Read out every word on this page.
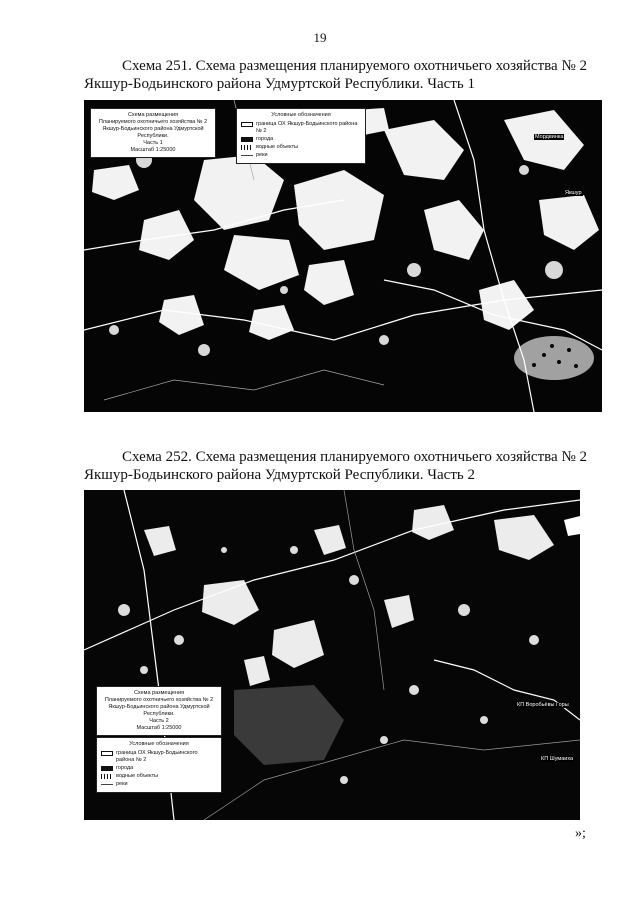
19
Схема 251. Схема размещения планируемого охотничьего хозяйства № 2
Якшур-Бодьинского района Удмуртской Республики. Часть 1
Схема размещения
Планируемого охотничьего хозяйства № 2
Якшур-Бодьинского района Удмуртской
Республики.
Часть 1
Масштаб 1:25000
Условные обозначения
граница ОХ Якшур-Бодьинского района № 2
города
водные объекты
реки
Мордвинка
Якшур
Схема 252. Схема размещения планируемого охотничьего хозяйства № 2
Якшур-Бодьинского района Удмуртской Республики. Часть 2
Схема размещения
Планируемого охотничьего хозяйства № 2
Якшур-Бодьинского района Удмуртской
Республики.
Часть 2
Масштаб 1:25000
Условные обозначения
граница ОХ Якшур-Бодьинского района № 2
города
водные объекты
реки
КП Воробьёвы Горы
КП Шумаиха
»;
